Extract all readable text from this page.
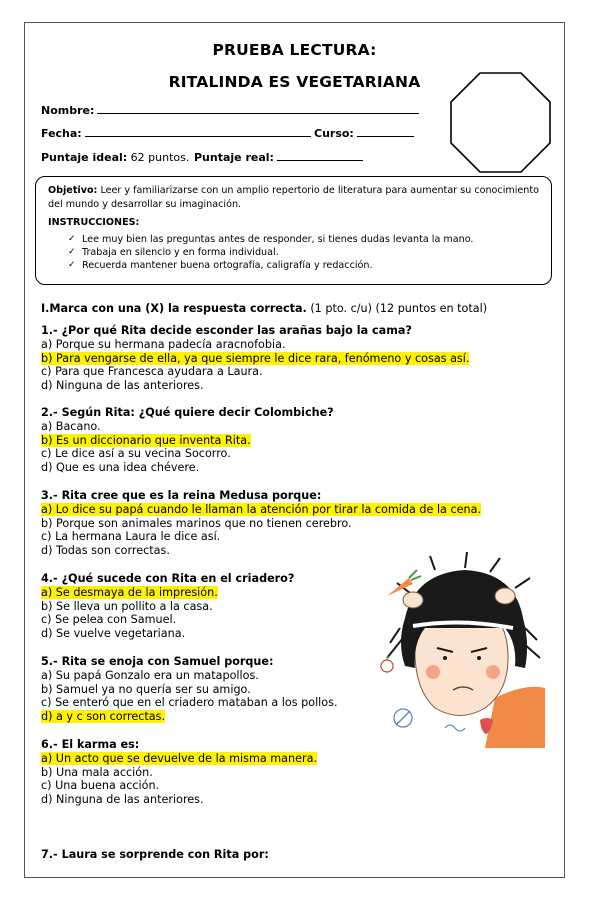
PRUEBA LECTURA:
RITALINDA ES VEGETARIANA
Nombre:
Fecha:	Curso:
Puntaje ideal: 62 puntos. Puntaje real:
Objetivo: Leer y familiarizarse con un amplio repertorio de literatura para aumentar su conocimiento del mundo y desarrollar su imaginación.
INSTRUCCIONES:
✓ Lee muy bien las preguntas antes de responder, si tienes dudas levanta la mano.
✓ Trabaja en silencio y en forma individual.
✓ Recuerda mantener buena ortografía, caligrafía y redacción.
I.Marca con una (X) la respuesta correcta. (1 pto. c/u) (12 puntos en total)
1.- ¿Por qué Rita decide esconder las arañas bajo la cama?
a) Porque su hermana padecía aracnofobia.
b) Para vengarse de ella, ya que siempre le dice rara, fenómeno y cosas así.
c) Para que Francesca ayudara a Laura.
d) Ninguna de las anteriores.
2.- Según Rita: ¿Qué quiere decir Colombiche?
a) Bacano.
b) Es un diccionario que inventa Rita.
c) Le dice así a su vecina Socorro.
d) Que es una idea chévere.
3.- Rita cree que es la reina Medusa porque:
a) Lo dice su papá cuando le llaman la atención por tirar la comida de la cena.
b) Porque son animales marinos que no tienen cerebro.
c) La hermana Laura le dice así.
d) Todas son correctas.
4.- ¿Qué sucede con Rita en el criadero?
a) Se desmaya de la impresión.
b) Se lleva un pollito a la casa.
c) Se pelea con Samuel.
d) Se vuelve vegetariana.
5.- Rita se enoja con Samuel porque:
a) Su papá Gonzalo era un matapollos.
b) Samuel ya no quería ser su amigo.
c) Se enteró que en el criadero mataban a los pollos.
d) a y c son correctas.
6.- El karma es:
a) Un acto que se devuelve de la misma manera.
b) Una mala acción.
c) Una buena acción.
d) Ninguna de las anteriores.
7.- Laura se sorprende con Rita por:
